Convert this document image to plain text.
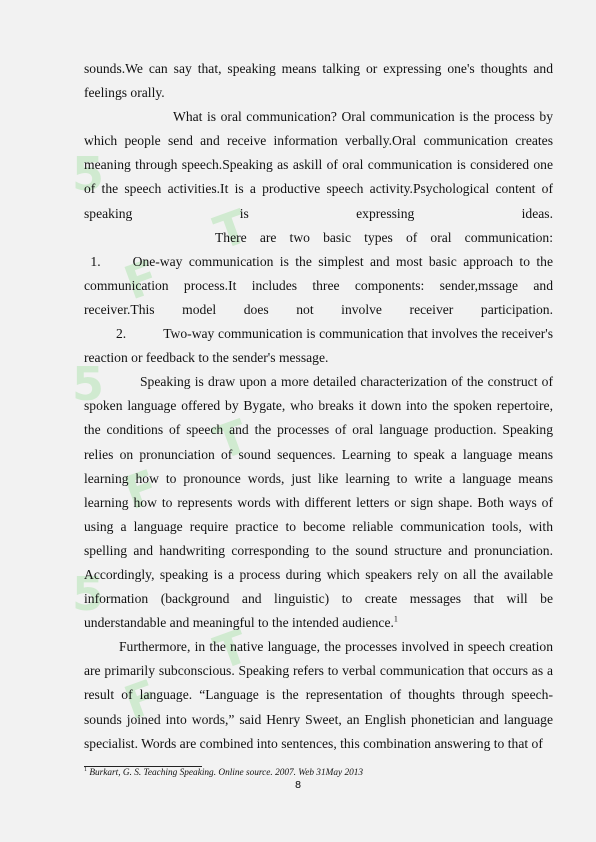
5
F
5
F
5
F
T
T
T

sounds.We can say that, speaking means talking or expressing one's thoughts and

feelings orally.

What is oral communication? Oral communication is the process by which people send and receive information verbally.Oral communication creates meaning through speech.Speaking as askill of oral communication is considered one of the speech activities.It is a productive speech activity.Psychological content of speaking is expressing ideas.

There are two basic types of oral communication:

1. One-way communication is the simplest and most basic approach to the communication process.It includes three components: sender,mssage and receiver.This model does not involve receiver participation.

2.	Two-way communication is communication that involves the receiver's reaction or feedback to the sender's message.

Speaking is draw upon a more detailed characterization of the construct of spoken language offered by Bygate, who breaks it down into the spoken repertoire, the conditions of speech and the processes of oral language production. Speaking relies on pronunciation of sound sequences. Learning to speak a language means learning how to pronounce words, just like learning to write a language means learning how to represents words with different letters or sign shape. Both ways of using a language require practice to become reliable communication tools, with spelling and handwriting corresponding to the sound structure and pronunciation. Accordingly, speaking is a process during which speakers rely on all the available information (background and linguistic) to create messages that will be understandable and meaningful to the intended audience.$^1$

Furthermore, in the native language, the processes involved in speech creation are primarily subconscious. Speaking refers to verbal communication that occurs as a result of language. “Language is the representation of thoughts through speech-sounds joined into words,” said Henry Sweet, an English phonetician and language specialist. Words are combined into sentences, this combination answering to that of

$^1$ Burkart, G. S. Teaching Speaking. Online source. 2007. Web 31May 2013
8
